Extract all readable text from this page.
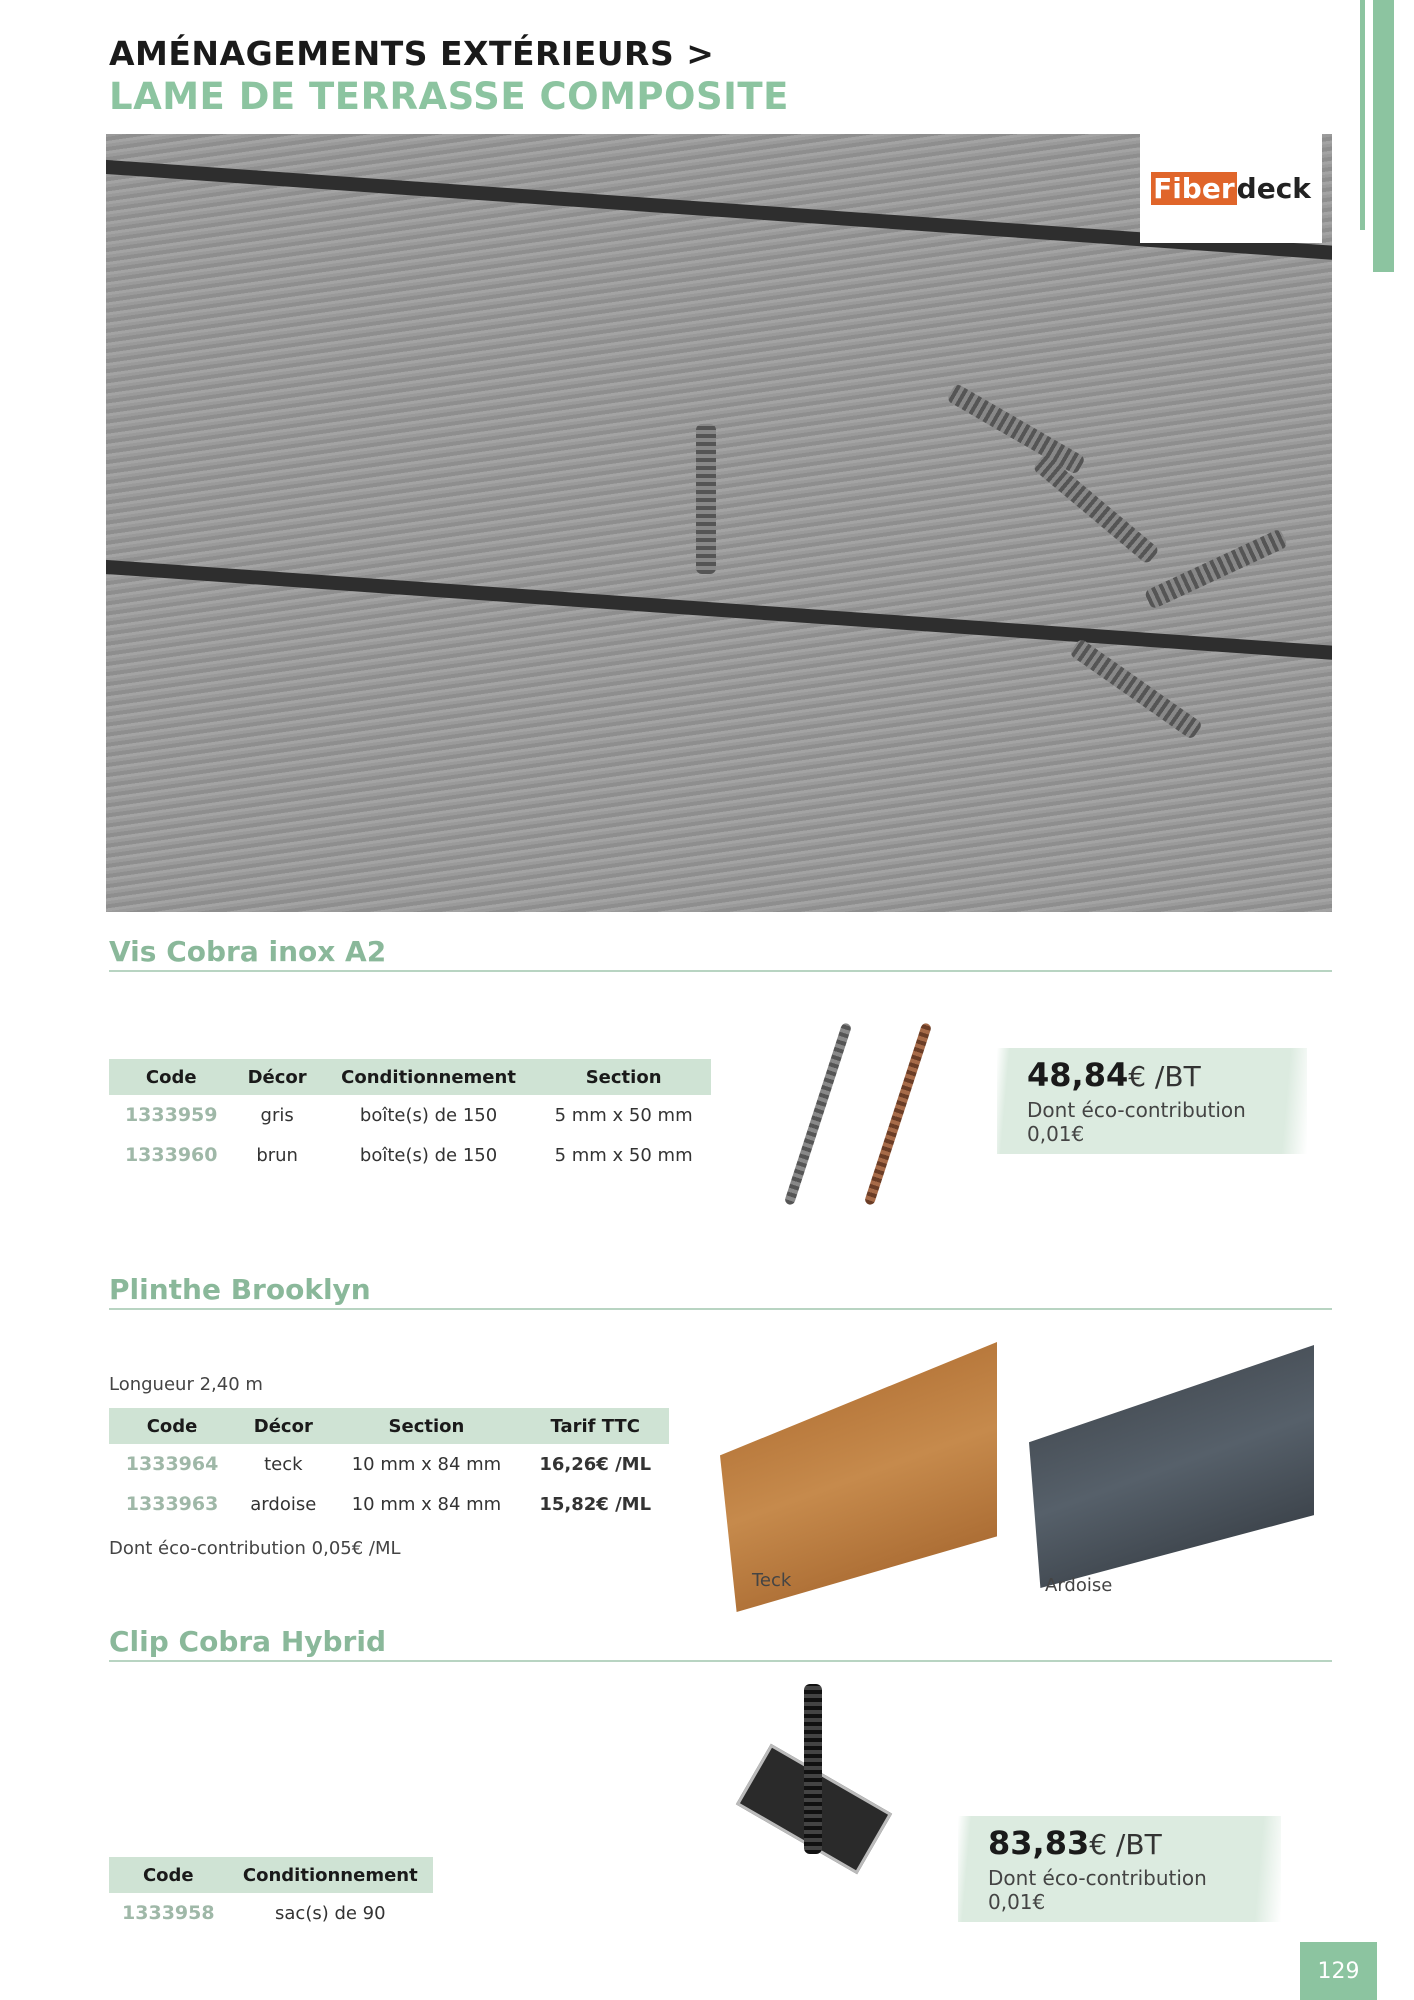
AMÉNAGEMENTS EXTÉRIEURS >
LAME DE TERRASSE COMPOSITE
Fiber deck
Vis Cobra inox A2
Code	Décor	Conditionnement	Section
1333959	gris	boîte(s) de 150	5 mm x 50 mm
1333960	brun	boîte(s) de 150	5 mm x 50 mm
48,84€ /BT
Dont éco-contribution 0,01€
Plinthe Brooklyn
Longueur 2,40 m
Code	Décor	Section	Tarif TTC
1333964	teck	10 mm x 84 mm	16,26€ /ML
1333963	ardoise	10 mm x 84 mm	15,82€ /ML
Dont éco-contribution 0,05€ /ML
Teck	Ardoise
Clip Cobra Hybrid
83,83€ /BT
Dont éco-contribution 0,01€
Code	Conditionnement
1333958	sac(s) de 90
129
